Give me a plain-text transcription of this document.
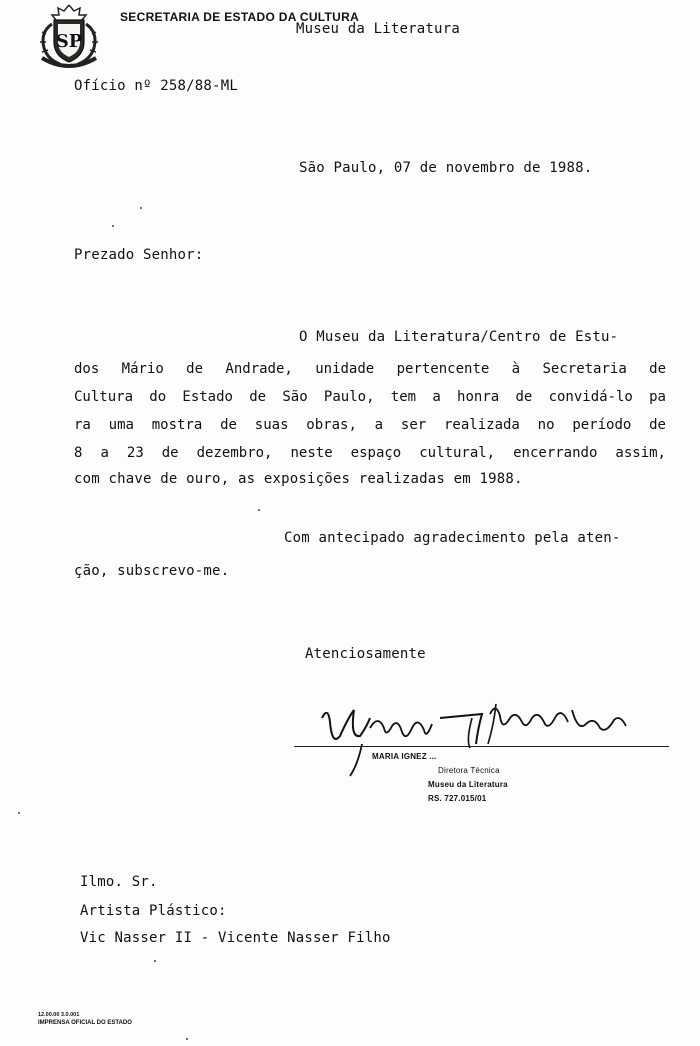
SP
SECRETARIA DE ESTADO DA CULTURA
Museu da Literatura
Ofício nº 258/88-ML
São Paulo, 07 de novembro de 1988.
Prezado Senhor:
O Museu da Literatura/Centro de Estu-
dos Mário de Andrade, unidade pertencente à Secretaria de
Cultura do Estado de São Paulo, tem a honra de convidá-lo pa
ra uma mostra de suas obras, a ser realizada no período de
8 a 23 de dezembro, neste espaço cultural, encerrando assim,
com chave de ouro, as exposições realizadas em 1988.
Com antecipado agradecimento pela aten-
ção, subscrevo-me.
Atenciosamente
MARIA IGNEZ ...
Diretora Técnica
Museu da Literatura
RS. 727.015/01
Ilmo. Sr.
Artista Plástico:
Vic Nasser II - Vicente Nasser Filho
12.00.00 3.0.001
IMPRENSA OFICIAL DO ESTADO
